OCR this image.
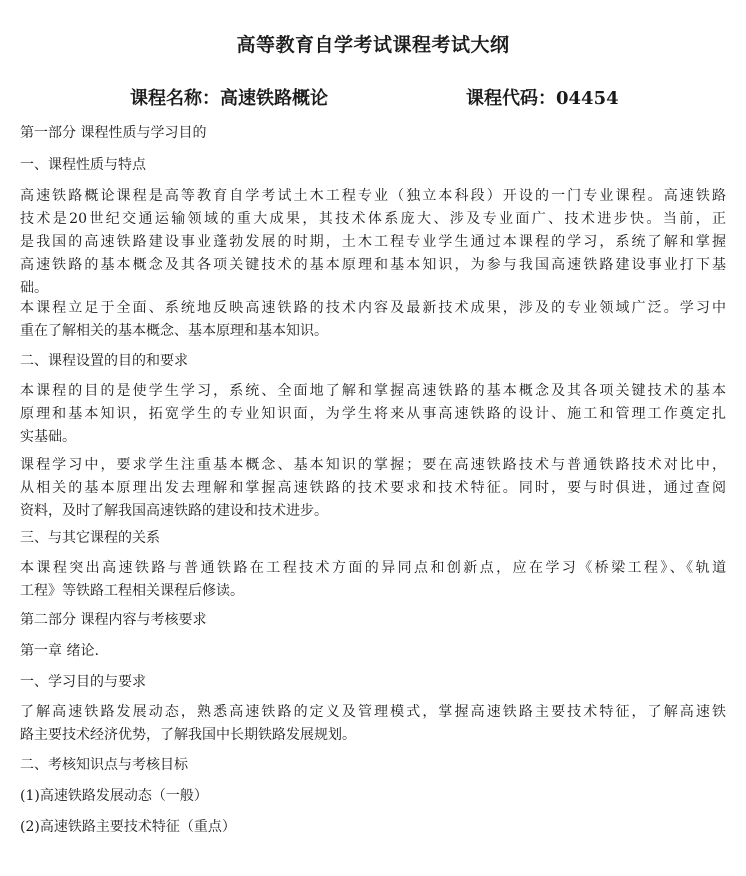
高等教育自学考试课程考试大纲
课程名称：高速铁路概论	课程代码：04454
第一部分 课程性质与学习目的
一、课程性质与特点
高速铁路概论课程是高等教育自学考试土木工程专业（独立本科段）开设的一门专业课程。高速铁路
技术是20世纪交通运输领域的重大成果，其技术体系庞大、涉及专业面广、技术进步快。当前，正
是我国的高速铁路建设事业蓬勃发展的时期，土木工程专业学生通过本课程的学习，系统了解和掌握
高速铁路的基本概念及其各项关键技术的基本原理和基本知识，为参与我国高速铁路建设事业打下基
础。
本课程立足于全面、系统地反映高速铁路的技术内容及最新技术成果，涉及的专业领域广泛。学习中
重在了解相关的基本概念、基本原理和基本知识。
二、课程设置的目的和要求
本课程的目的是使学生学习，系统、全面地了解和掌握高速铁路的基本概念及其各项关键技术的基本
原理和基本知识，拓宽学生的专业知识面，为学生将来从事高速铁路的设计、施工和管理工作奠定扎
实基础。
课程学习中，要求学生注重基本概念、基本知识的掌握；要在高速铁路技术与普通铁路技术对比中，
从相关的基本原理出发去理解和掌握高速铁路的技术要求和技术特征。同时，要与时俱进，通过查阅
资料，及时了解我国高速铁路的建设和技术进步。
三、与其它课程的关系
本课程突出高速铁路与普通铁路在工程技术方面的异同点和创新点，应在学习《桥梁工程》、《轨道
工程》等铁路工程相关课程后修读。
第二部分 课程内容与考核要求
第一章 绪论.
一、学习目的与要求
了解高速铁路发展动态，熟悉高速铁路的定义及管理模式，掌握高速铁路主要技术特征，了解高速铁
路主要技术经济优势，了解我国中长期铁路发展规划。
二、考核知识点与考核目标
(1)高速铁路发展动态（一般）
(2)高速铁路主要技术特征（重点）
